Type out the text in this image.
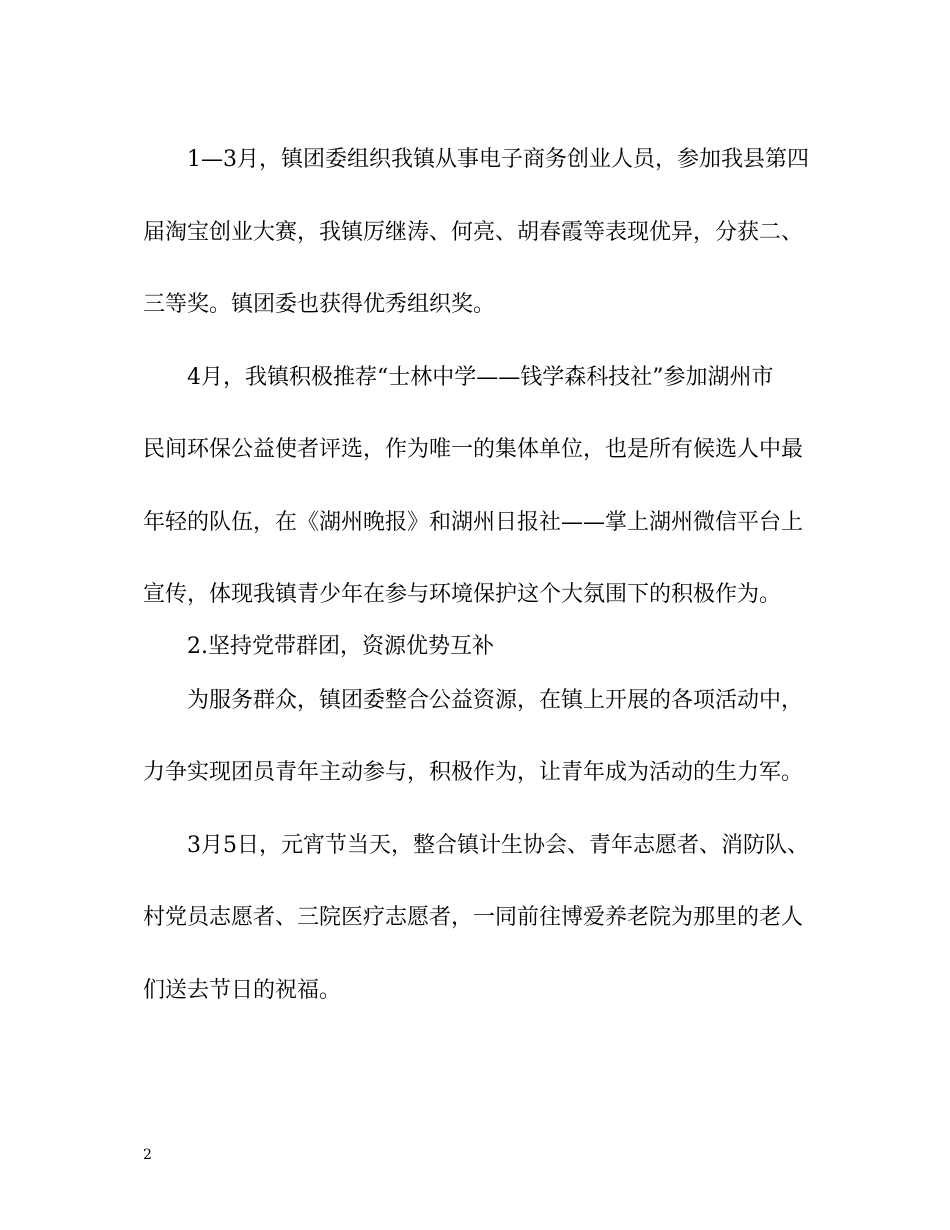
1—3月，镇团委组织我镇从事电子商务创业人员，参加我县第四
届淘宝创业大赛，我镇厉继涛、何亮、胡春霞等表现优异，分获二、
三等奖。镇团委也获得优秀组织奖。
4月，我镇积极推荐“士林中学——钱学森科技社”参加湖州市
民间环保公益使者评选，作为唯一的集体单位，也是所有候选人中最
年轻的队伍，在《湖州晚报》和湖州日报社——掌上湖州微信平台上
宣传，体现我镇青少年在参与环境保护这个大氛围下的积极作为。
2.坚持党带群团，资源优势互补
为服务群众，镇团委整合公益资源，在镇上开展的各项活动中，
力争实现团员青年主动参与，积极作为，让青年成为活动的生力军。
3月5日，元宵节当天，整合镇计生协会、青年志愿者、消防队、
村党员志愿者、三院医疗志愿者，一同前往博爱养老院为那里的老人
们送去节日的祝福。
2
